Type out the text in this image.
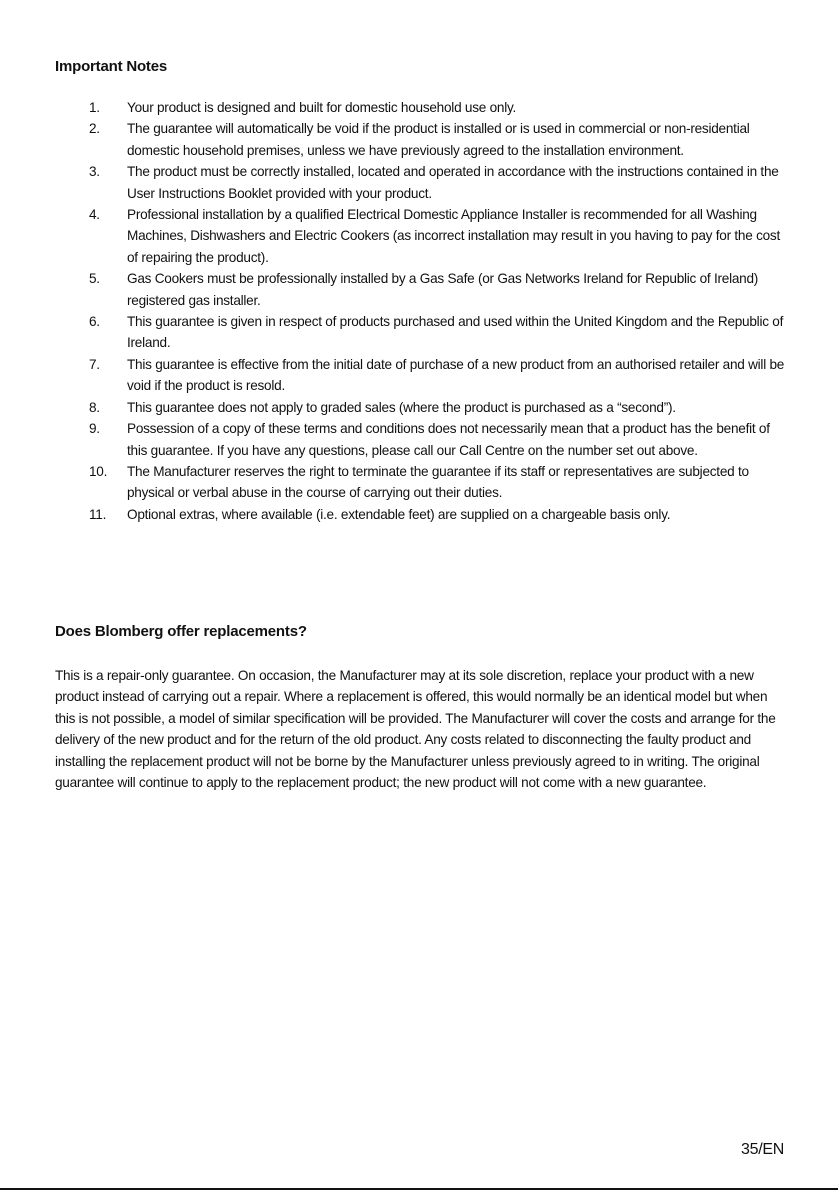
Important Notes
1.	Your product is designed and built for domestic household use only.
2.	The guarantee will automatically be void if the product is installed or is used in commercial or non-residential domestic household premises, unless we have previously agreed to the installation environment.
3.	The product must be correctly installed, located and operated in accordance with the instructions contained in the User Instructions Booklet provided with your product.
4.	Professional installation by a qualified Electrical Domestic Appliance Installer is recommended for all Washing Machines, Dishwashers and Electric Cookers (as incorrect installation may result in you having to pay for the cost of repairing the product).
5.	Gas Cookers must be professionally installed by a Gas Safe (or Gas Networks Ireland for Republic of Ireland) registered gas installer.
6.	This guarantee is given in respect of products purchased and used within the United Kingdom and the Republic of Ireland.
7.	This guarantee is effective from the initial date of purchase of a new product from an authorised retailer and will be void if the product is resold.
8.	This guarantee does not apply to graded sales (where the product is purchased as a “second”).
9.	Possession of a copy of these terms and conditions does not necessarily mean that a product has the benefit of this guarantee. If you have any questions, please call our Call Centre on the number set out above.
10.	The Manufacturer reserves the right to terminate the guarantee if its staff or representatives are subjected to physical or verbal abuse in the course of carrying out their duties.
11.	Optional extras, where available (i.e. extendable feet) are supplied on a chargeable basis only.
Does Blomberg offer replacements?

This is a repair-only guarantee. On occasion, the Manufacturer may at its sole discretion, replace your product with a new product instead of carrying out a repair. Where a replacement is offered, this would normally be an identical model but when this is not possible, a model of similar specification will be provided. The Manufacturer will cover the costs and arrange for the delivery of the new product and for the return of the old product. Any costs related to disconnecting the faulty product and installing the replacement product will not be borne by the Manufacturer unless previously agreed to in writing. The original guarantee will continue to apply to the replacement product; the new product will not come with a new guarantee.

35/EN
